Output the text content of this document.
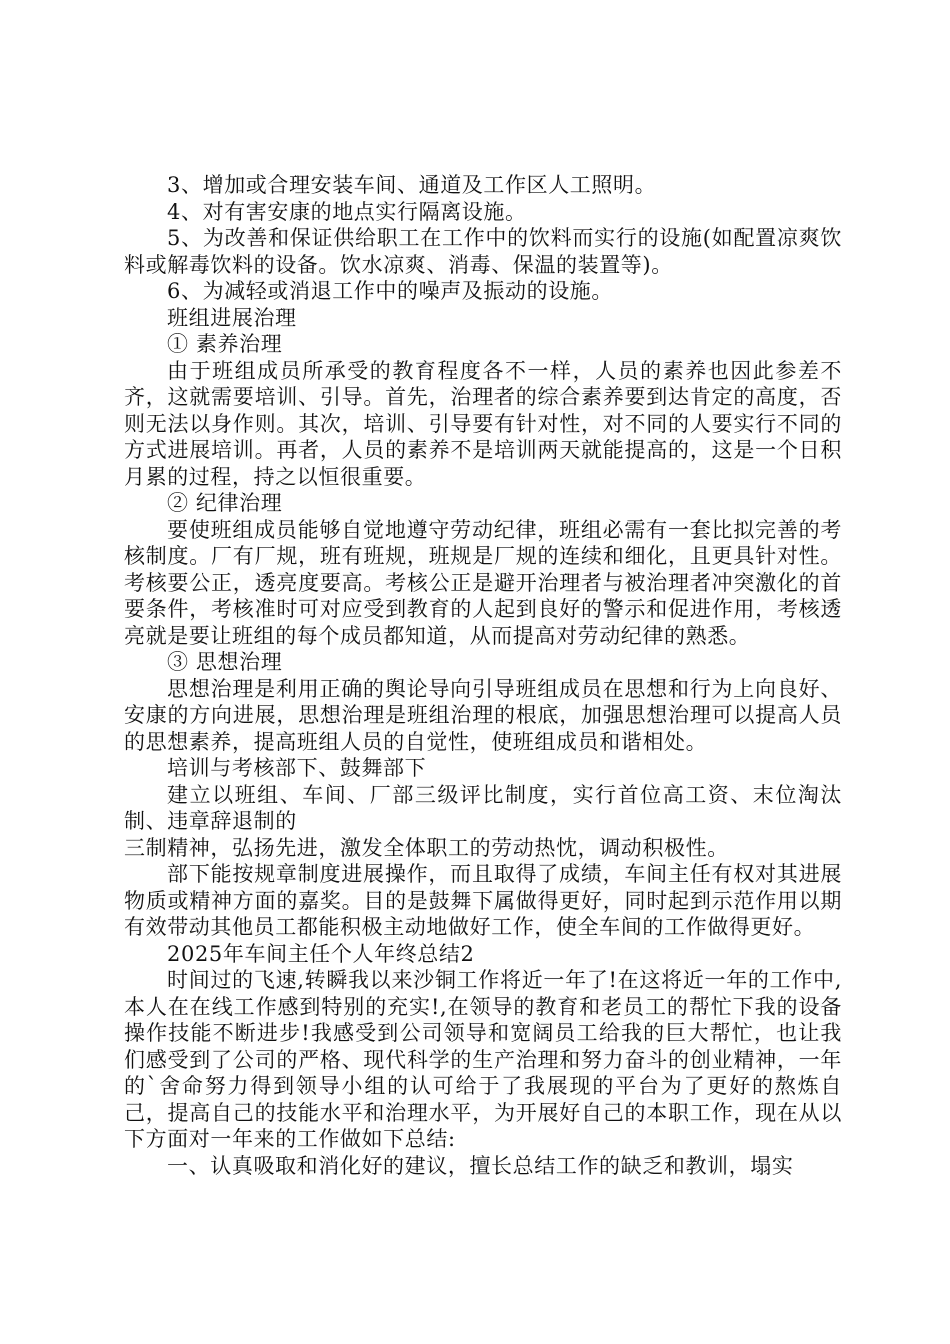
3、增加或合理安装车间、通道及工作区人工照明。

4、对有害安康的地点实行隔离设施。

5、为改善和保证供给职工在工作中的饮料而实行的设施(如配置凉爽饮料或解毒饮料的设备。饮水凉爽、消毒、保温的装置等)。

6、为减轻或消退工作中的噪声及振动的设施。

班组进展治理

① 素养治理

由于班组成员所承受的教育程度各不一样，人员的素养也因此参差不齐，这就需要培训、引导。首先，治理者的综合素养要到达肯定的高度，否则无法以身作则。其次，培训、引导要有针对性，对不同的人要实行不同的方式进展培训。再者，人员的素养不是培训两天就能提高的，这是一个日积月累的过程，持之以恒很重要。

② 纪律治理

要使班组成员能够自觉地遵守劳动纪律，班组必需有一套比拟完善的考核制度。厂有厂规，班有班规，班规是厂规的连续和细化，且更具针对性。考核要公正，透亮度要高。考核公正是避开治理者与被治理者冲突激化的首要条件，考核准时可对应受到教育的人起到良好的警示和促进作用，考核透亮就是要让班组的每个成员都知道，从而提高对劳动纪律的熟悉。

③ 思想治理

思想治理是利用正确的舆论导向引导班组成员在思想和行为上向良好、安康的方向进展，思想治理是班组治理的根底，加强思想治理可以提高人员的思想素养，提高班组人员的自觉性，使班组成员和谐相处。

培训与考核部下、鼓舞部下

建立以班组、车间、厂部三级评比制度，实行首位高工资、末位淘汰制、违章辞退制的

三制精神，弘扬先进，激发全体职工的劳动热忱，调动积极性。

部下能按规章制度进展操作，而且取得了成绩，车间主任有权对其进展物质或精神方面的嘉奖。目的是鼓舞下属做得更好，同时起到示范作用以期有效带动其他员工都能积极主动地做好工作，使全车间的工作做得更好。

2025年车间主任个人年终总结2

时间过的飞速,转瞬我以来沙铜工作将近一年了!在这将近一年的工作中,本人在在线工作感到特别的充实!,在领导的教育和老员工的帮忙下我的设备操作技能不断进步!我感受到公司领导和宽阔员工给我的巨大帮忙，也让我们感受到了公司的严格、现代科学的生产治理和努力奋斗的创业精神，一年的`舍命努力得到领导小组的认可给于了我展现的平台为了更好的熬炼自己，提高自己的技能水平和治理水平，为开展好自己的本职工作，现在从以下方面对一年来的工作做如下总结:

一、认真吸取和消化好的建议，擅长总结工作的缺乏和教训，塌实
